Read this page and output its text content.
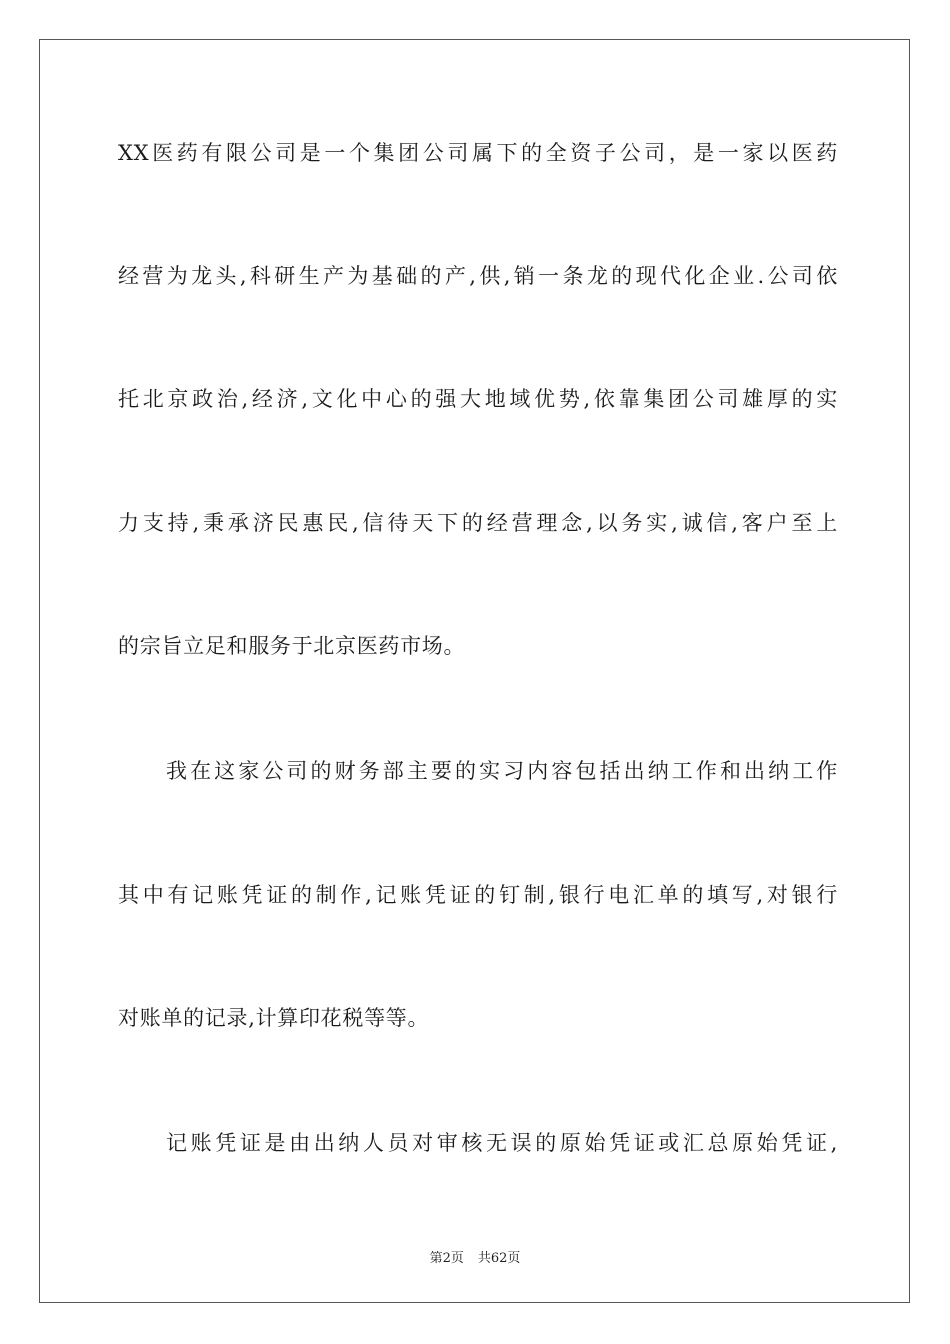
XX医药有限公司是一个集团公司属下的全资子公司，是一家以医药
经营为龙头,科研生产为基础的产,供,销一条龙的现代化企业.公司依
托北京政治,经济,文化中心的强大地域优势,依靠集团公司雄厚的实
力支持,秉承济民惠民,信待天下的经营理念,以务实,诚信,客户至上
的宗旨立足和服务于北京医药市场。
我在这家公司的财务部主要的实习内容包括出纳工作和出纳工作
其中有记账凭证的制作,记账凭证的钉制,银行电汇单的填写,对银行
对账单的记录,计算印花税等等。
记账凭证是由出纳人员对审核无误的原始凭证或汇总原始凭证,
第2页 共62页
